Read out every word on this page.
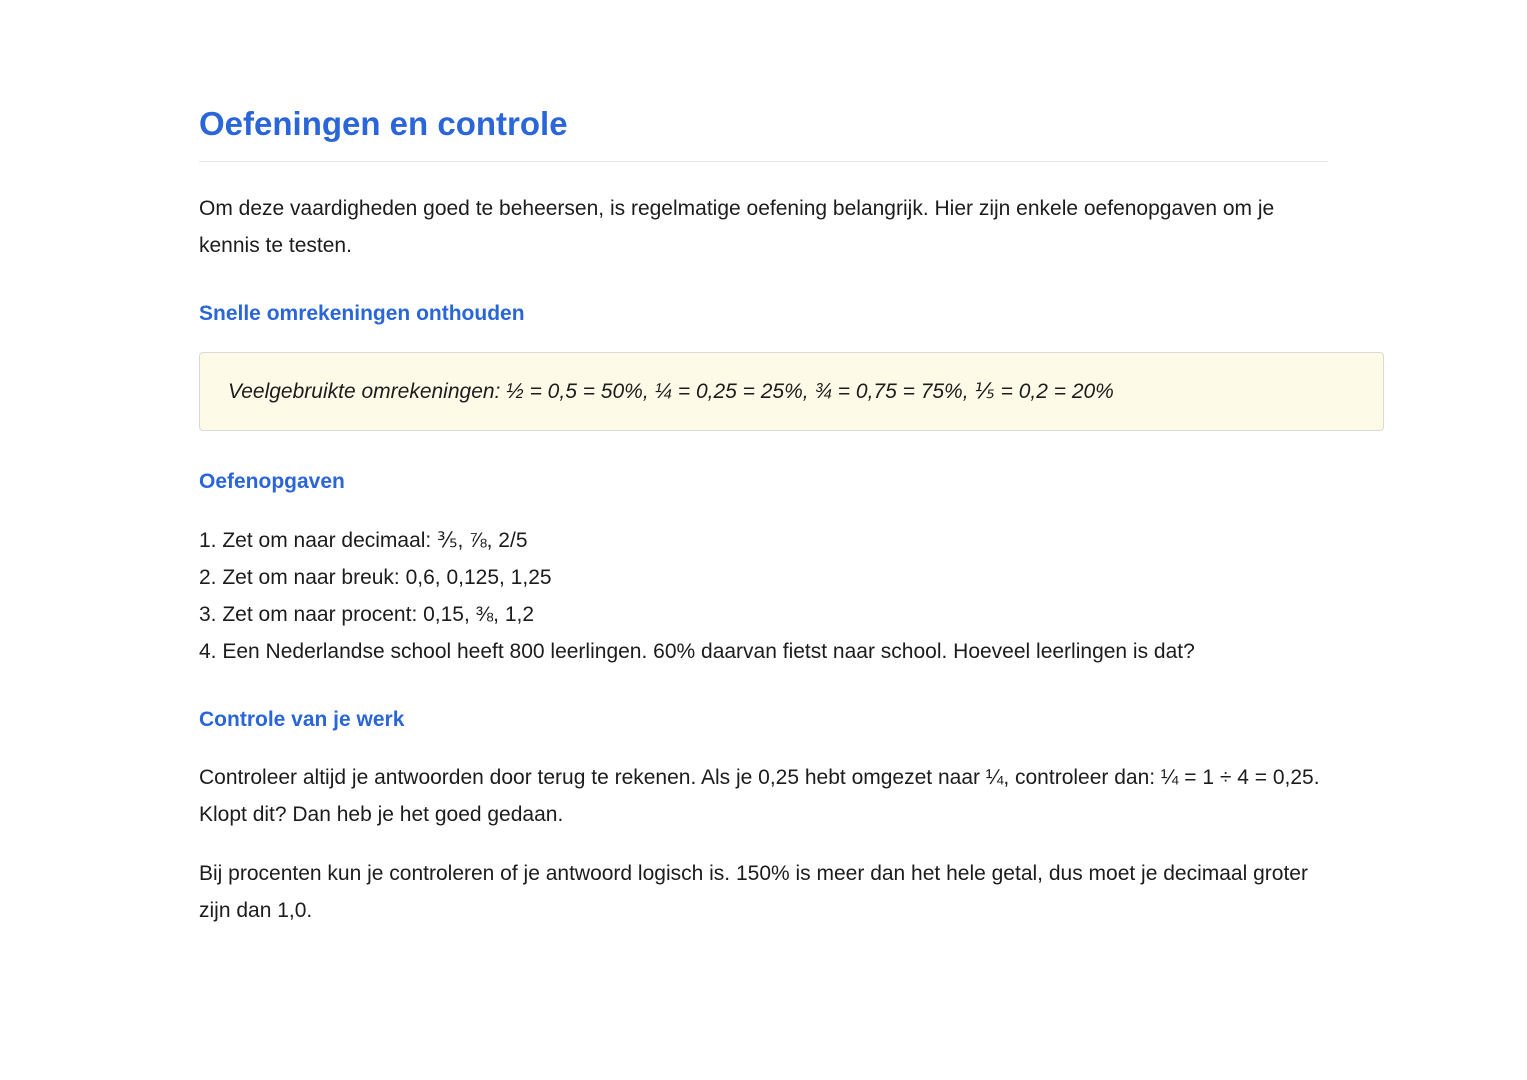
Oefeningen en controle

Om deze vaardigheden goed te beheersen, is regelmatige oefening belangrijk. Hier zijn enkele oefenopgaven om je kennis te testen.

Snelle omrekeningen onthouden

Veelgebruikte omrekeningen: ½ = 0,5 = 50%, ¼ = 0,25 = 25%, ¾ = 0,75 = 75%, ⅕ = 0,2 = 20%

Oefenopgaven
1. Zet om naar decimaal: ⅗, ⅞, 2/5
2. Zet om naar breuk: 0,6, 0,125, 1,25
3. Zet om naar procent: 0,15, ⅜, 1,2
4. Een Nederlandse school heeft 800 leerlingen. 60% daarvan fietst naar school. Hoeveel leerlingen is dat?
Controle van je werk

Controleer altijd je antwoorden door terug te rekenen. Als je 0,25 hebt omgezet naar ¼, controleer dan: ¼ = 1 ÷ 4 = 0,25. Klopt dit? Dan heb je het goed gedaan.

Bij procenten kun je controleren of je antwoord logisch is. 150% is meer dan het hele getal, dus moet je decimaal groter zijn dan 1,0.
